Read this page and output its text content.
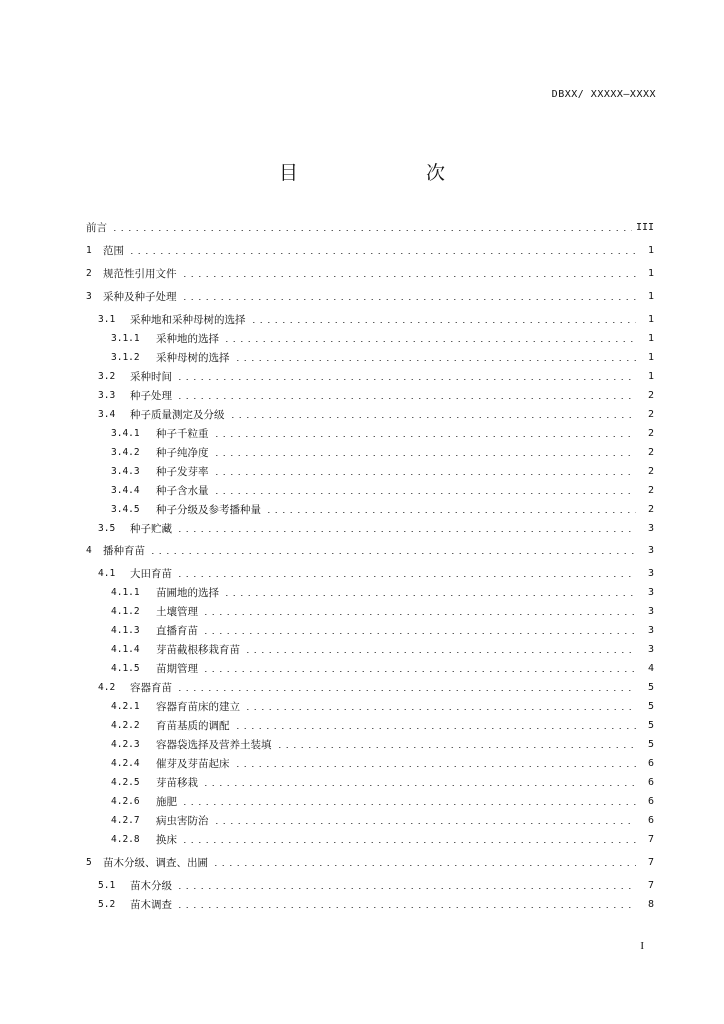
DBXX/ XXXXX—XXXX
目　　次
前言	III
1	范围	1
2	规范性引用文件	1
3	采种及种子处理	1
3.1	采种地和采种母树的选择	1
3.1.1	采种地的选择	1
3.1.2	采种母树的选择	1
3.2	采种时间	1
3.3	种子处理	2
3.4	种子质量测定及分级	2
3.4.1	种子千粒重	2
3.4.2	种子纯净度	2
3.4.3	种子发芽率	2
3.4.4	种子含水量	2
3.4.5	种子分级及参考播种量	2
3.5	种子贮藏	3
4	播种育苗	3
4.1	大田育苗	3
4.1.1	苗圃地的选择	3
4.1.2	土壤管理	3
4.1.3	直播育苗	3
4.1.4	芽苗截根移栽育苗	3
4.1.5	苗期管理	4
4.2	容器育苗	5
4.2.1	容器育苗床的建立	5
4.2.2	育苗基质的调配	5
4.2.3	容器袋选择及营养土装填	5
4.2.4	催芽及芽苗起床	6
4.2.5	芽苗移栽	6
4.2.6	施肥	6
4.2.7	病虫害防治	6
4.2.8	换床	7
5	苗木分级、调查、出圃	7
5.1	苗木分级	7
5.2	苗木调查	8
I
